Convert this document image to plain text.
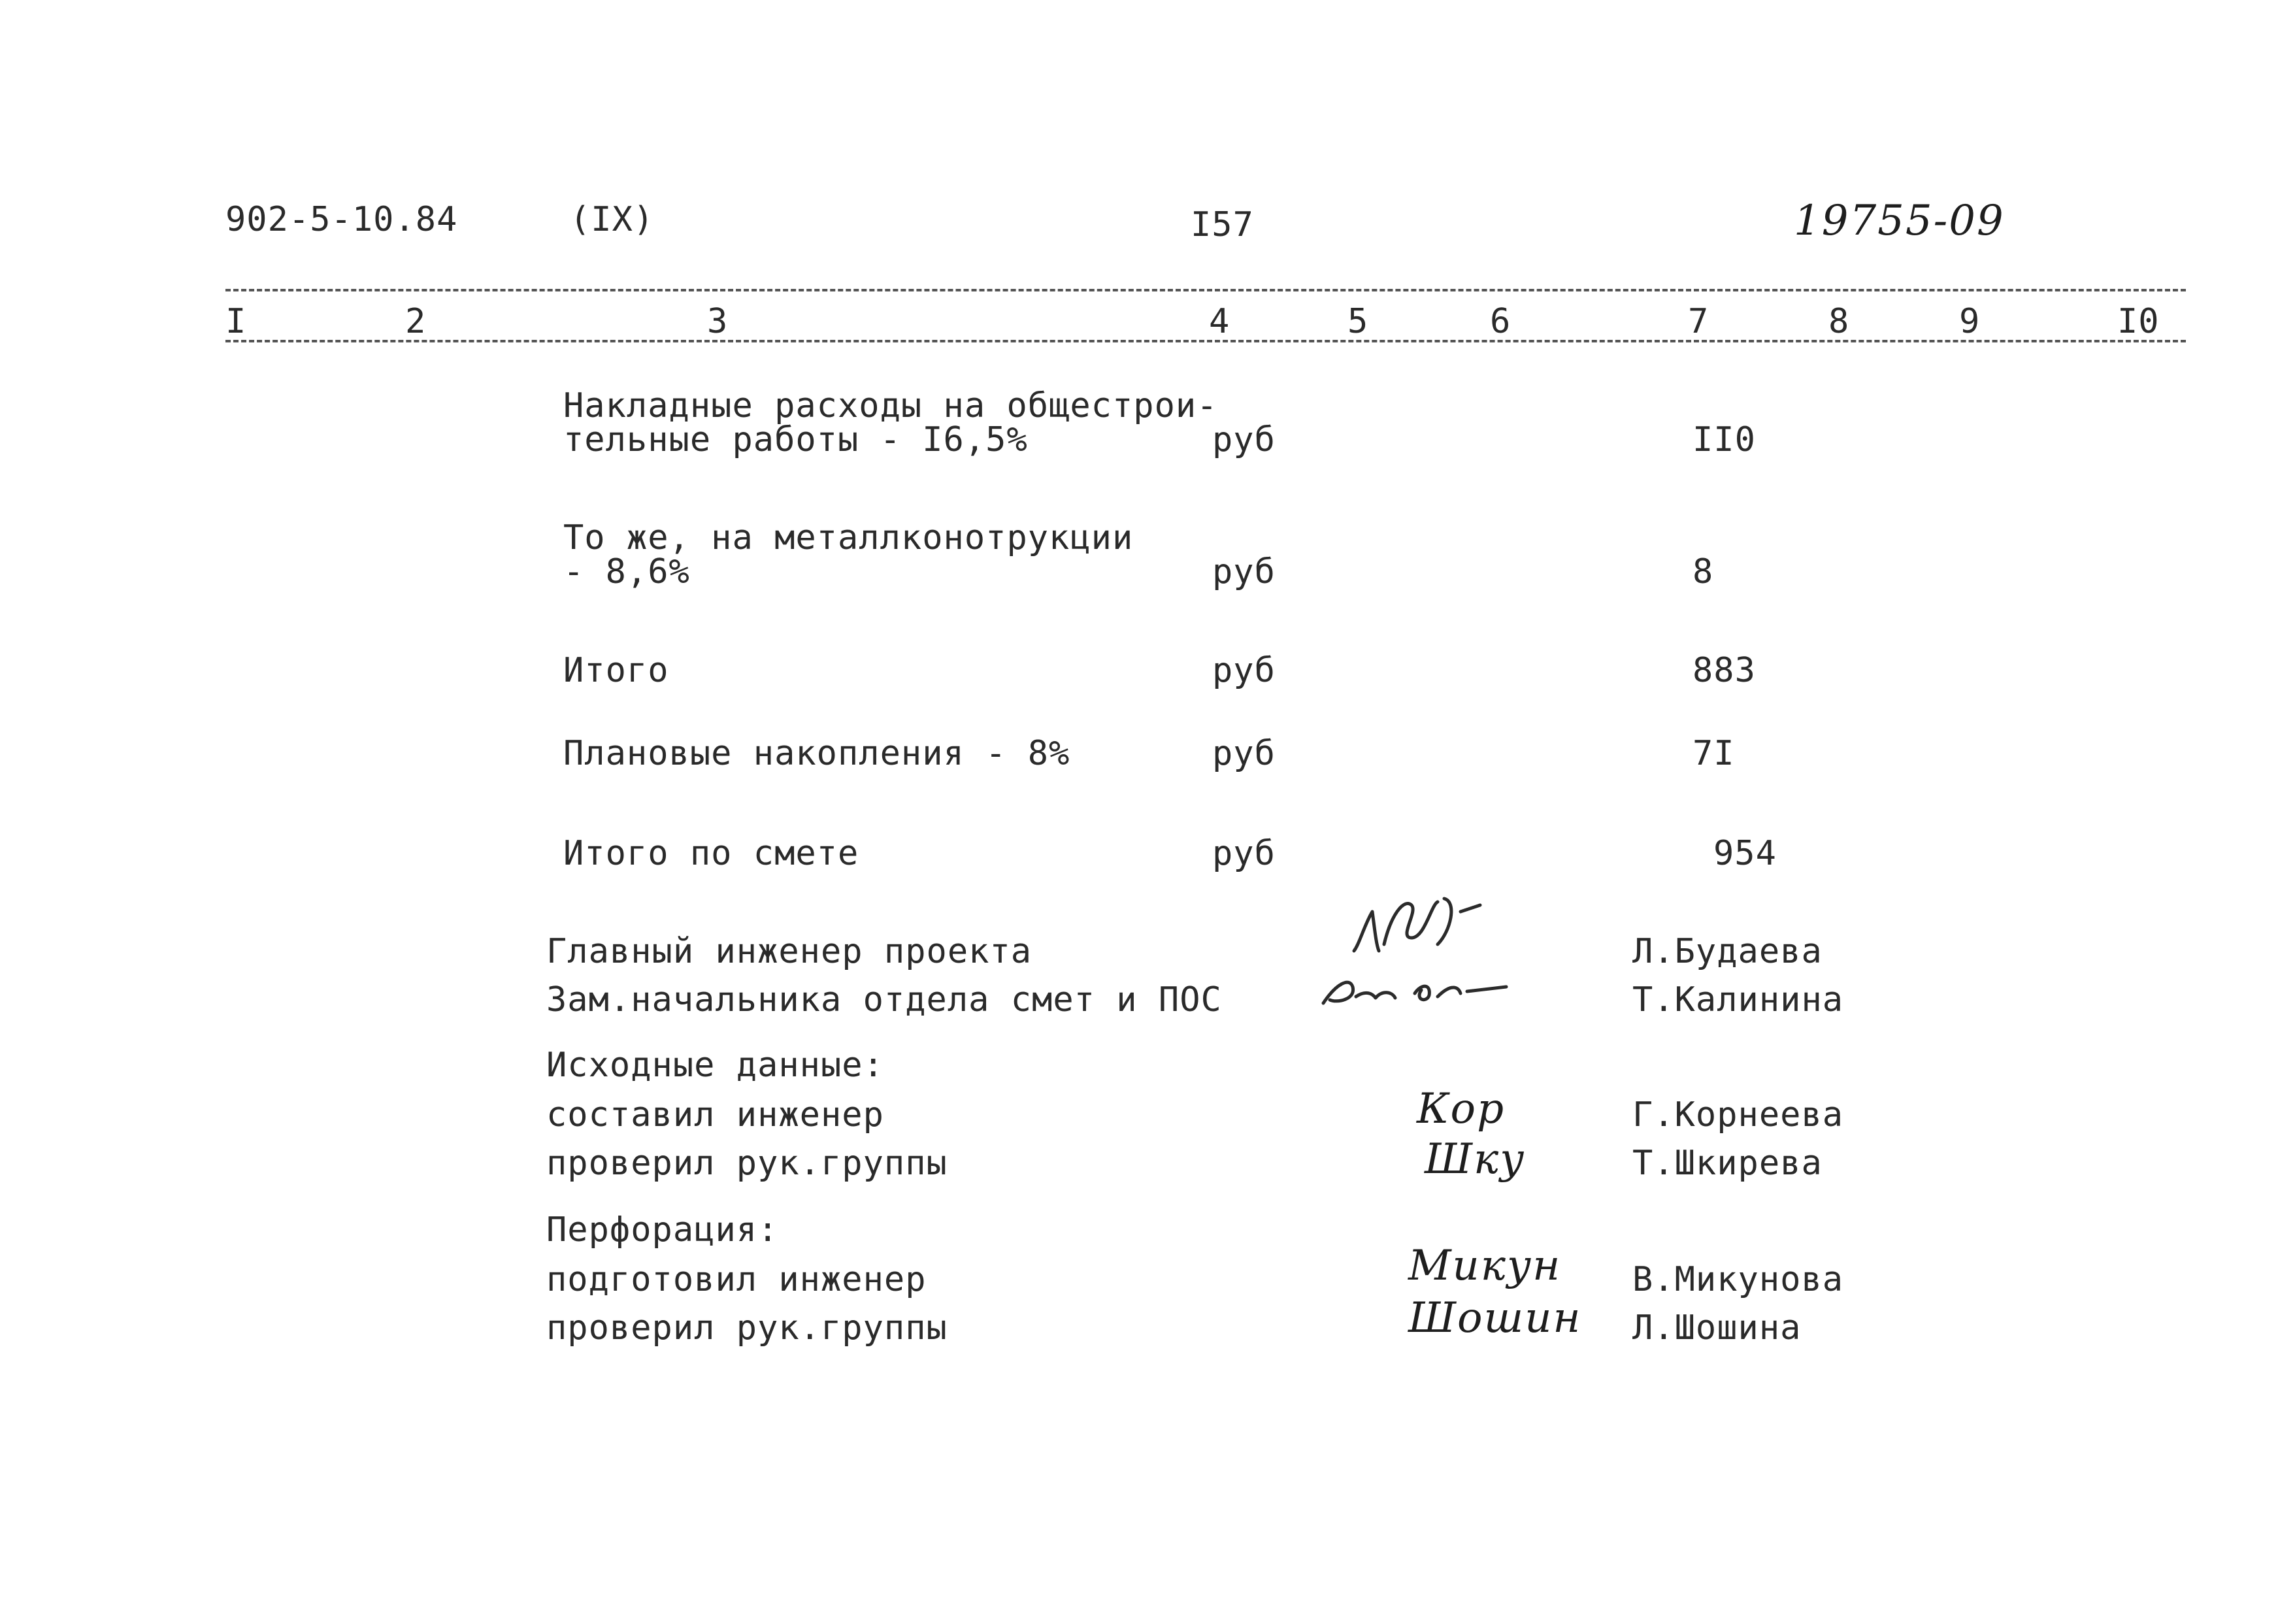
902-5-10.84	(IX)	I57	19755-09
I	2	3	4	5	6	7	8	9	I0
Накладные расходы на общестрои-
тельные работы - I6,5%	руб	II0
То же, на металлконотрукции
- 8,6%	руб	8
Итого	руб	883
Плановые накопления - 8%	руб	7I
Итого по смете	руб	954
Главный инженер проекта	Л.Будаева
Зам.начальника отдела смет и ПОС	Т.Калинина
Исходные данные:
составил инженер	Кор	Г.Корнеева
проверил рук.группы	Шку	Т.Шкирева
Перфорация:
подготовил инженер	Микун В.Микунова
проверил рук.группы	Шошин Л.Шошина
